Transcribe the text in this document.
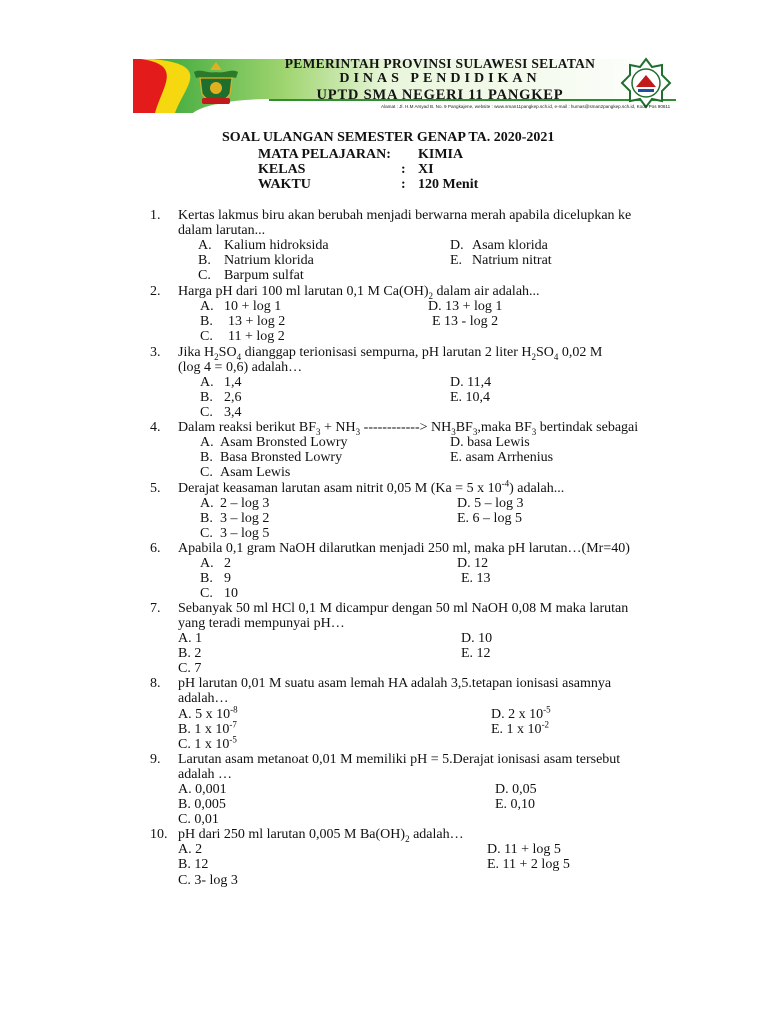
PEMERINTAH PROVINSI SULAWESI SELATAN
DINAS PENDIDIKAN
UPTD SMA NEGERI 11 PANGKEP
Alamat : Jl. H.M Arsyad B. No. 9 Pangkajene, website : www.sman11pangkep.sch.id, e-mail : humas@sman2pangkep.sch.id, Kode Pos 90611
SOAL ULANGAN SEMESTER GENAP TA. 2020-2021
MATA PELAJARAN: KIMIA
KELAS	: XI
WAKTU	: 120 Menit
1. Kertas lakmus biru akan berubah menjadi berwarna merah apabila dicelupkan ke
dalam larutan...
A. Kalium hidroksida	D. Asam klorida
B. Natrium klorida	E. Natrium nitrat
C. Barpum sulfat
2. Harga pH dari 100 ml larutan 0,1 M $Ca(OH)_2$ dalam air adalah...
A. 10 + log 1	D. 13 + log 1
B. 13 + log 2	E 13 - log 2
C. 11 + log 2
3. Jika $H_2SO_4$ dianggap terionisasi sempurna, pH larutan 2 liter $H_2SO_4$ 0,02 M
(log 4 = 0,6) adalah…
A. 1,4	D. 11,4
B. 2,6	E. 10,4
C. 3,4
4. Dalam reaksi berikut $BF_3 + NH_3$ ------------> $NH_3BF_3,maka$ $BF_3$ bertindak sebagai
A. Asam Bronsted Lowry	D. basa Lewis
B. Basa Bronsted Lowry	E. asam Arrhenius
C. Asam Lewis
5. Derajat keasaman larutan asam nitrit 0,05 M (Ka = 5 x $10^{-4}$) adalah...
A. 2 – log 3	D. 5 – log 3
B. 3 – log 2	E. 6 – log 5
C. 3 – log 5
6. Apabila 0,1 gram NaOH dilarutkan menjadi 250 ml, maka pH larutan…(Mr=40)
A. 2	D. 12
B. 9	E. 13
C. 10
7. Sebanyak 50 ml HCl 0,1 M dicampur dengan 50 ml NaOH 0,08 M maka larutan
yang teradi mempunyai pH…
A. 1	D. 10
B. 2	E. 12
C. 7
8. pH larutan 0,01 M suatu asam lemah HA adalah 3,5.tetapan ionisasi asamnya
adalah…
A. 5 x $10^{-8}$	D. 2 x $10^{-5}$
B. 1 x $10^{-7}$	E. 1 x $10^{-2}$
C. 1 x $10^{-5}$
9. Larutan asam metanoat 0,01 M memiliki pH = 5.Derajat ionisasi asam tersebut
adalah …
A. 0,001	D. 0,05
B. 0,005	E. 0,10
C. 0,01
10. pH dari 250 ml larutan 0,005 M $Ba(OH)_2$ adalah…
A. 2	D. 11 + log 5
B. 12	E. 11 + 2 log 5
C. 3- log 3
